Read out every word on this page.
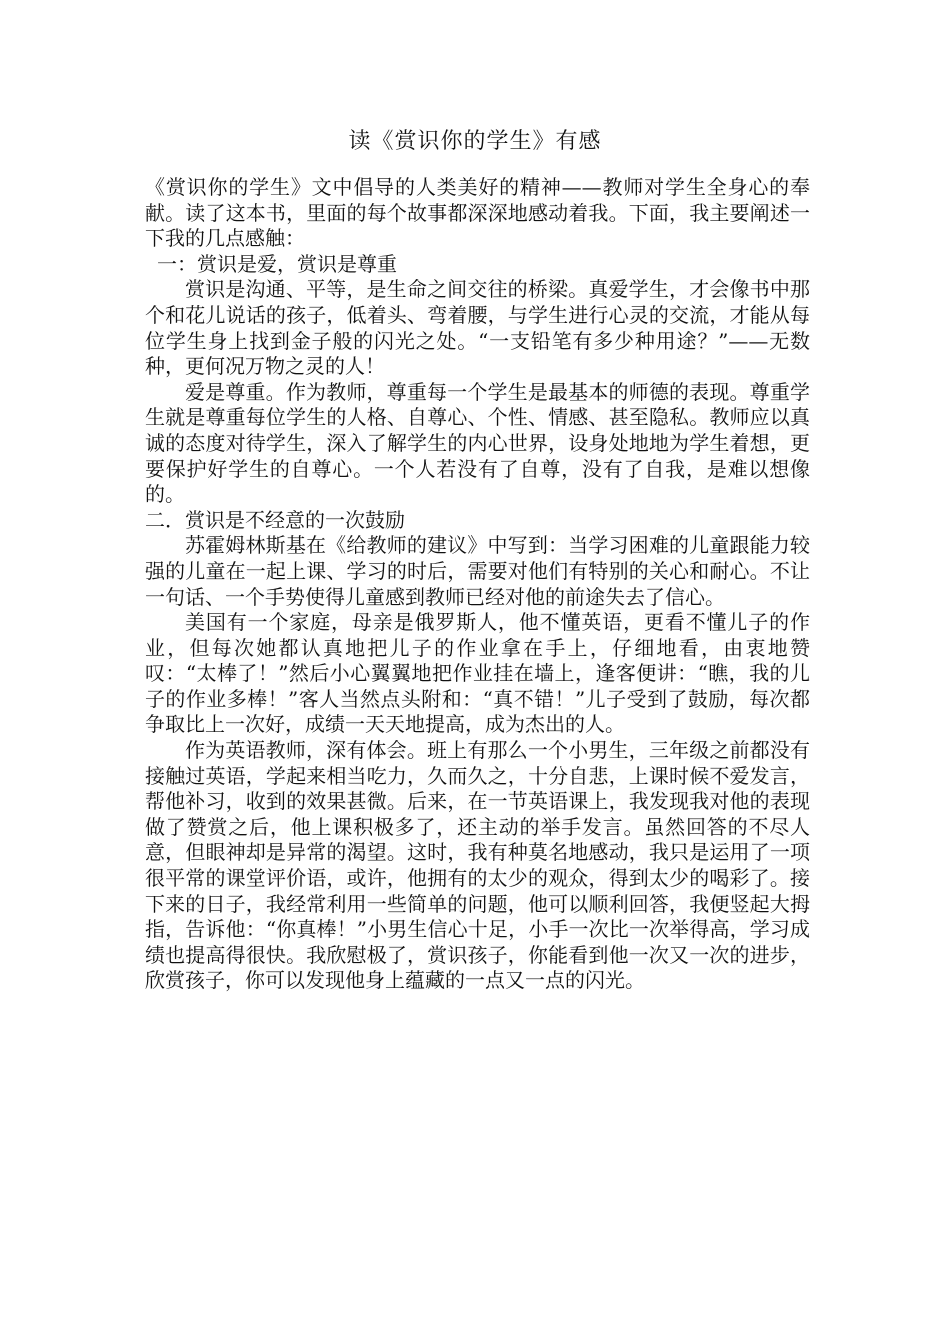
读《赏识你的学生》有感

《赏识你的学生》文中倡导的人类美好的精神——教师对学生全身心的奉献。读了这本书，里面的每个故事都深深地感动着我。下面，我主要阐述一下我的几点感触：

一：赏识是爱，赏识是尊重

赏识是沟通、平等，是生命之间交往的桥梁。真爱学生，才会像书中那个和花儿说话的孩子，低着头、弯着腰，与学生进行心灵的交流，才能从每位学生身上找到金子般的闪光之处。“一支铅笔有多少种用途？”——无数种，更何况万物之灵的人！

爱是尊重。作为教师，尊重每一个学生是最基本的师德的表现。尊重学生就是尊重每位学生的人格、自尊心、个性、情感、甚至隐私。教师应以真诚的态度对待学生，深入了解学生的内心世界，设身处地地为学生着想，更要保护好学生的自尊心。一个人若没有了自尊，没有了自我，是难以想像的。

二．赏识是不经意的一次鼓励

苏霍姆林斯基在《给教师的建议》中写到：当学习困难的儿童跟能力较强的儿童在一起上课、学习的时后，需要对他们有特别的关心和耐心。不让一句话、一个手势使得儿童感到教师已经对他的前途失去了信心。

美国有一个家庭，母亲是俄罗斯人，他不懂英语，更看不懂儿子的作业，但每次她都认真地把儿子的作业拿在手上，仔细地看，由衷地赞叹：“太棒了！”然后小心翼翼地把作业挂在墙上，逢客便讲：“瞧，我的儿子的作业多棒！”客人当然点头附和：“真不错！”儿子受到了鼓励，每次都争取比上一次好，成绩一天天地提高，成为杰出的人。

作为英语教师，深有体会。班上有那么一个小男生，三年级之前都没有接触过英语，学起来相当吃力，久而久之，十分自悲，上课时候不爱发言，帮他补习，收到的效果甚微。后来，在一节英语课上，我发现我对他的表现做了赞赏之后，他上课积极多了，还主动的举手发言。虽然回答的不尽人意，但眼神却是异常的渴望。这时，我有种莫名地感动，我只是运用了一项很平常的课堂评价语，或许，他拥有的太少的观众，得到太少的喝彩了。接下来的日子，我经常利用一些简单的问题，他可以顺利回答，我便竖起大拇指，告诉他：“你真棒！”小男生信心十足，小手一次比一次举得高，学习成绩也提高得很快。我欣慰极了，赏识孩子，你能看到他一次又一次的进步，欣赏孩子，你可以发现他身上蕴藏的一点又一点的闪光。
